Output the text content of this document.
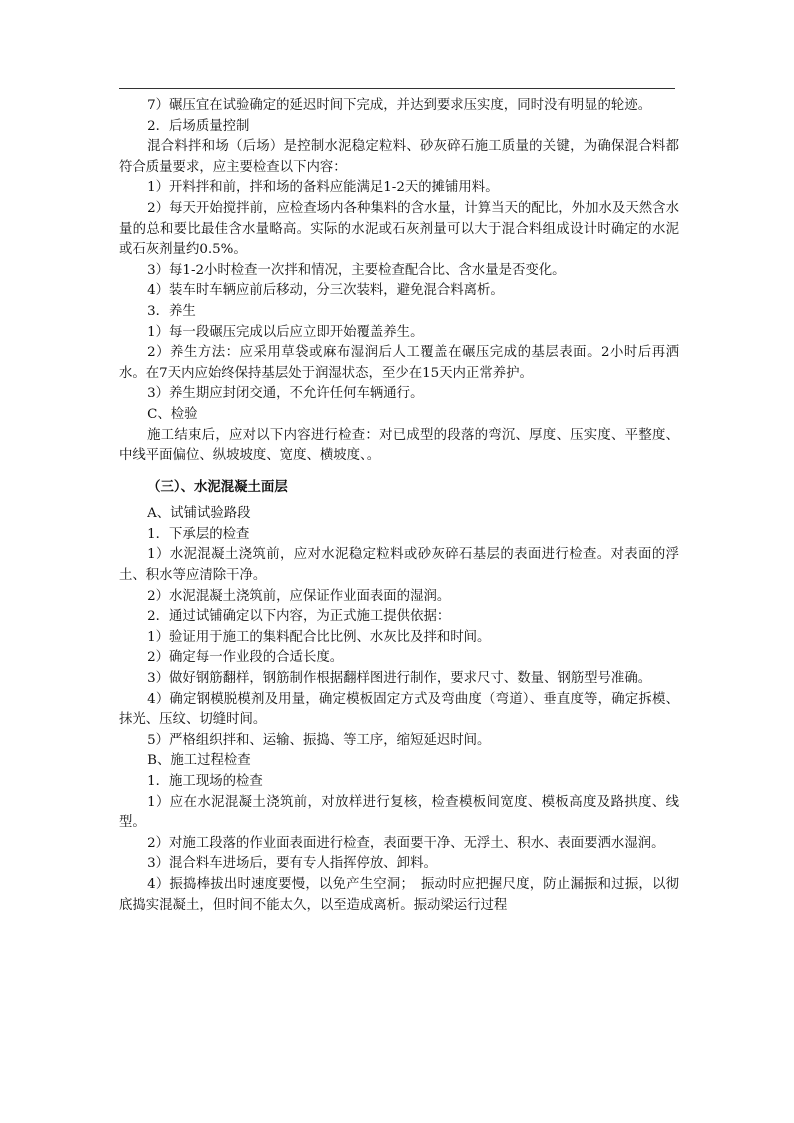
7）碾压宜在试验确定的延迟时间下完成，并达到要求压实度，同时没有明显的轮迹。

2．后场质量控制

混合料拌和场（后场）是控制水泥稳定粒料、砂灰碎石施工质量的关键，为确保混合料都符合质量要求，应主要检查以下内容：

1）开料拌和前，拌和场的备料应能满足1-2天的摊铺用料。

2）每天开始搅拌前，应检查场内各种集料的含水量，计算当天的配比，外加水及天然含水量的总和要比最佳含水量略高。实际的水泥或石灰剂量可以大于混合料组成设计时确定的水泥或石灰剂量约0.5%。

3）每1-2小时检查一次拌和情况，主要检查配合比、含水量是否变化。

4）装车时车辆应前后移动，分三次装料，避免混合料离析。

3．养生

1）每一段碾压完成以后应立即开始覆盖养生。

2）养生方法：应采用草袋或麻布湿润后人工覆盖在碾压完成的基层表面。2小时后再洒水。在7天内应始终保持基层处于润湿状态，至少在15天内正常养护。

3）养生期应封闭交通，不允许任何车辆通行。

C、检验

施工结束后，应对以下内容进行检查：对已成型的段落的弯沉、厚度、压实度、平整度、中线平面偏位、纵坡坡度、宽度、横坡度、。

（三）、水泥混凝土面层

A、试铺试验路段

1．下承层的检查

1）水泥混凝土浇筑前，应对水泥稳定粒料或砂灰碎石基层的表面进行检查。对表面的浮土、积水等应清除干净。

2）水泥混凝土浇筑前，应保证作业面表面的湿润。

2．通过试铺确定以下内容，为正式施工提供依据：

1）验证用于施工的集料配合比比例、水灰比及拌和时间。

2）确定每一作业段的合适长度。

3）做好钢筋翻样，钢筋制作根据翻样图进行制作，要求尺寸、数量、钢筋型号准确。

4）确定钢模脱模剂及用量，确定模板固定方式及弯曲度（弯道）、垂直度等，确定拆模、抹光、压纹、切缝时间。

5）严格组织拌和、运输、振捣、等工序，缩短延迟时间。

B、施工过程检查

1．施工现场的检查

1）应在水泥混凝土浇筑前，对放样进行复核，检查模板间宽度、模板高度及路拱度、线型。

2）对施工段落的作业面表面进行检查，表面要干净、无浮土、积水、表面要洒水湿润。

3）混合料车进场后，要有专人指挥停放、卸料。

4）振捣棒拔出时速度要慢，以免产生空洞；　振动时应把握尺度，防止漏振和过振，以彻底捣实混凝土，但时间不能太久，以至造成离析。振动梁运行过程
